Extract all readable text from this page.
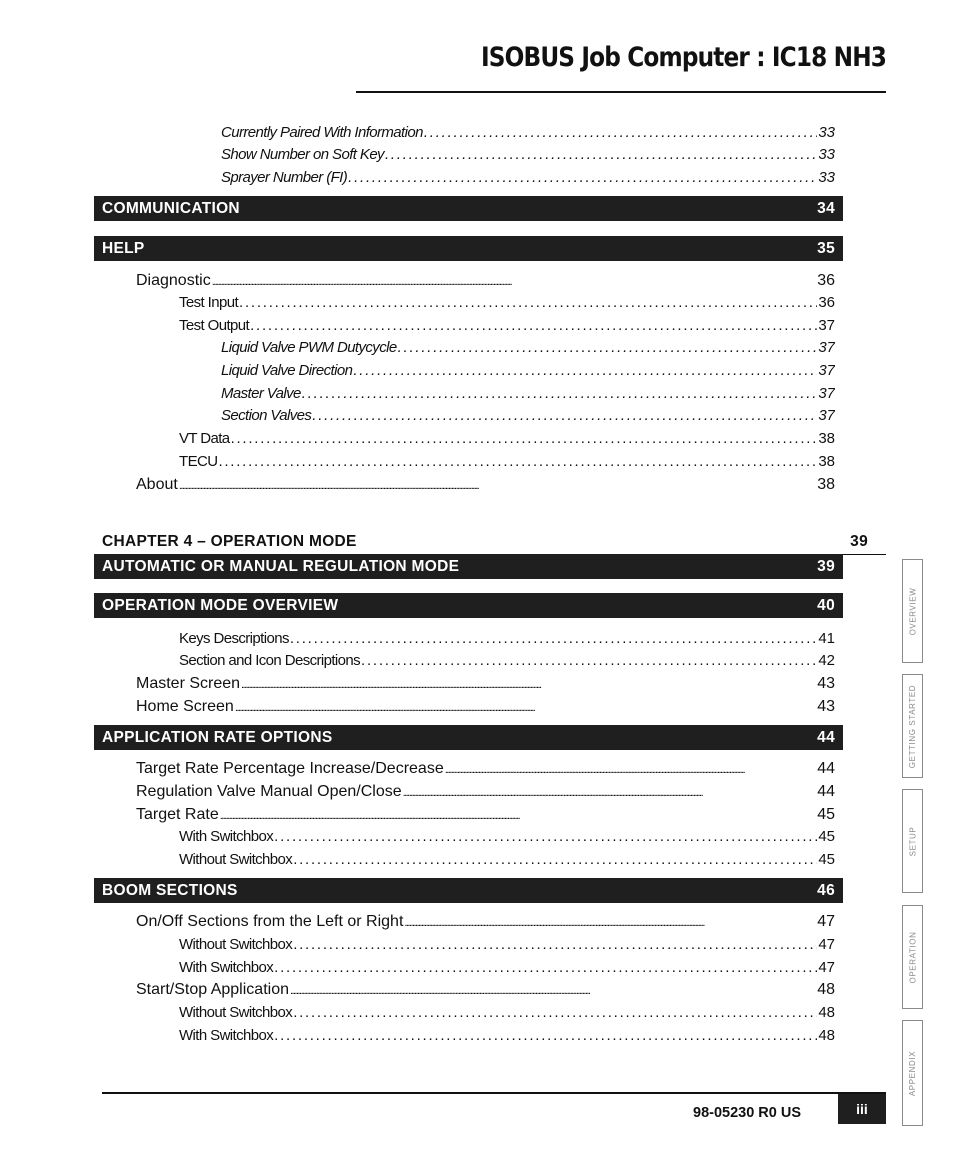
ISOBUS Job Computer : IC18 NH3
Currently Paired With Information . . .	33
Show Number on Soft Key . . .	33
Sprayer Number (FI) . . .	33
COMMUNICATION	34
HELP	35
Diagnostic . . .	36
Test Input . . .	36
Test Output . . .	37
Liquid Valve PWM Dutycycle . . .	37
Liquid Valve Direction . . .	37
Master Valve . . .	37
Section Valves . . .	37
VT Data . . .	38
TECU . . .	38
About . . .	38
CHAPTER 4 – OPERATION MODE	39
AUTOMATIC OR MANUAL REGULATION MODE	39
OPERATION MODE OVERVIEW	40
Keys Descriptions . . .	41
Section and Icon Descriptions . . .	42
Master Screen . . .	43
Home Screen . . .	43
APPLICATION RATE OPTIONS	44
Target Rate Percentage Increase/Decrease . . .	44
Regulation Valve Manual Open/Close . . .	44
Target Rate . . .	45
With Switchbox . . .	45
Without Switchbox . . .	45
BOOM SECTIONS	46
On/Off Sections from the Left or Right . . .	47
Without Switchbox . . .	47
With Switchbox . . .	47
Start/Stop Application . . .	48
Without Switchbox . . .	48
With Switchbox . . .	48
OVERVIEW
GETTING STARTED
SETUP
OPERATION
APPENDIX
98-05230 R0 US	iii
